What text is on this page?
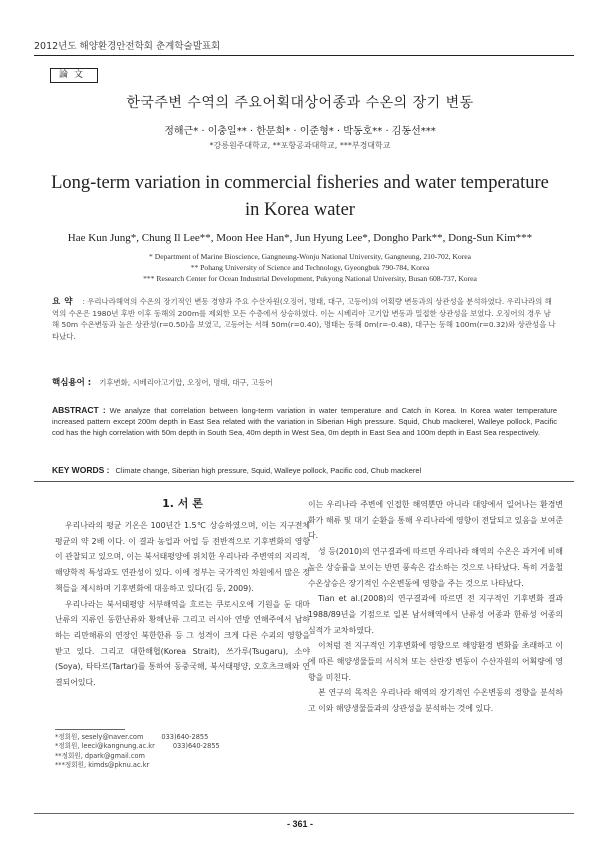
2012년도 해양환경안전학회 춘계학술발표회
論文
한국주변 수역의 주요어획대상어종과 수온의 장기 변동
정해근* · 이충일** · 한문희* · 이준형* · 박동호** · 김동선***
*강릉원주대학교, **포항공과대학교, ***부경대학교
Long-term variation in commercial fisheries and water temperature
in Korea water
Hae Kun Jung*, Chung Il Lee**, Moon Hee Han*, Jun Hyung Lee*, Dongho Park**, Dong-Sun Kim***
* Department of Marine Bioscience, Gangneung-Wonju National University, Gangneung, 210-702, Korea
** Pohang University of Science and Technology, Gyeongbuk 790-784, Korea
*** Research Center for Ocean Industrial Development, Pukyong National University, Busan 608-737, Korea
요약 : 우리나라해역의 수온의 장기적인 변동 경향과 주요 수산자원(오징어, 명태, 대구, 고등어)의 어획량 변동과의 상관성을 분석하였다. 우리나라의 해역의 수온은 1980년 후반 이후 동해의 200m를 제외한 모든 수층에서 상승하였다. 이는 시베리아 고기압 변동과 밀접한 상관성을 보였다. 오징어의 경우 남해 50m 수온변동과 높은 상관성(r=0.50)을 보였고, 고등어는 서해 50m(r=0.40), 명태는 동해 0m(r=-0.48), 대구는 동해 100m(r=0.32)와 상관성을 나타났다.
핵심용어 : 기후변화, 시베리아고기압, 오징어, 명태, 대구, 고등어
ABSTRACT : We analyze that correlation between long-term variation in water temperature and Catch in Korea. In Korea water temperature increased pattern except 200m depth in East Sea related with the variation in Siberian High pressure. Squid, Chub mackerel, Walleye pollock, Pacific cod has the high correlation with 50m depth in South Sea, 40m depth in West Sea, 0m depth in East Sea and 100m depth in East Sea respectively.
KEY WORDS : Climate change, Siberian high pressure, Squid, Walleye pollock, Pacific cod, Chub mackerel
1. 서 론

우리나라의 평균 기온은 100년간 1.5℃ 상승하였으며, 이는 지구전체 평균의 약 2배 이다. 이 결과 농업과 어업 등 전반적으로 기후변화의 영향이 관찰되고 있으며, 이는 북서태평양에 위치한 우리나라 주변역의 지리적, 해양학적 특성과도 연관성이 있다. 이에 정부는 국가적인 차원에서 많은 정책들을 제시하며 기후변화에 대응하고 있다(김 등, 2009).

우리나라는 북서태평양 서부해역을 흐르는 쿠로시오에 기원을 둔 대마난류의 지류인 동한난류와 황해난류 그리고 러시아 연방 연해주에서 남하하는 리만해류의 연장인 북한한류 등 그 성격이 크게 다른 수괴의 영향을 받고 있다. 그리고 대한해협(Korea Strait), 쓰가루(Tsugaru), 소야(Soya), 타타르(Tartar)를 통하여 동중국해, 북서태평양, 오호츠크해와 연결되어있다.

이는 우리나라 주변에 인접한 해역뿐만 아니라 대양에서 일어나는 환경변화가 해류 및 대기 순환을 통해 우리나라에 영향이 전달되고 있음을 보여준다.

성 등(2010)의 연구결과에 따르면 우리나라 해역의 수온은 과거에 비해 높은 상승률을 보이는 반면 풍속은 감소하는 것으로 나타났다. 특히 겨울철 수온상승은 장기적인 수온변동에 영향을 주는 것으로 나타났다.

Tian et al.(2008)의 연구결과에 따르면 전 지구적인 기후변화 결과 1988/89년을 기점으로 일본 남서해역에서 난류성 어종과 한류성 어종의 심적가 교차하였다.

이처럼 전 지구적인 기후변화에 영향으로 해양환경 변화를 초래하고 이에 따른 해양생물들의 서식처 또는 산란장 변동이 수산자원의 어획량에 영향을 미친다.

본 연구의 목적은 우리나라 해역의 장기적인 수온변동의 경향을 분석하고 이와 해양생물들과의 상관성을 분석하는 것에 있다.

*정회원, sesely@naver.com	033)640-2855
*정회원, leeci@kangnung.ac.kr	033)640-2855
**정회원, dpark@gmail.com
***정회원, kimds@pknu.ac.kr
- 361 -
